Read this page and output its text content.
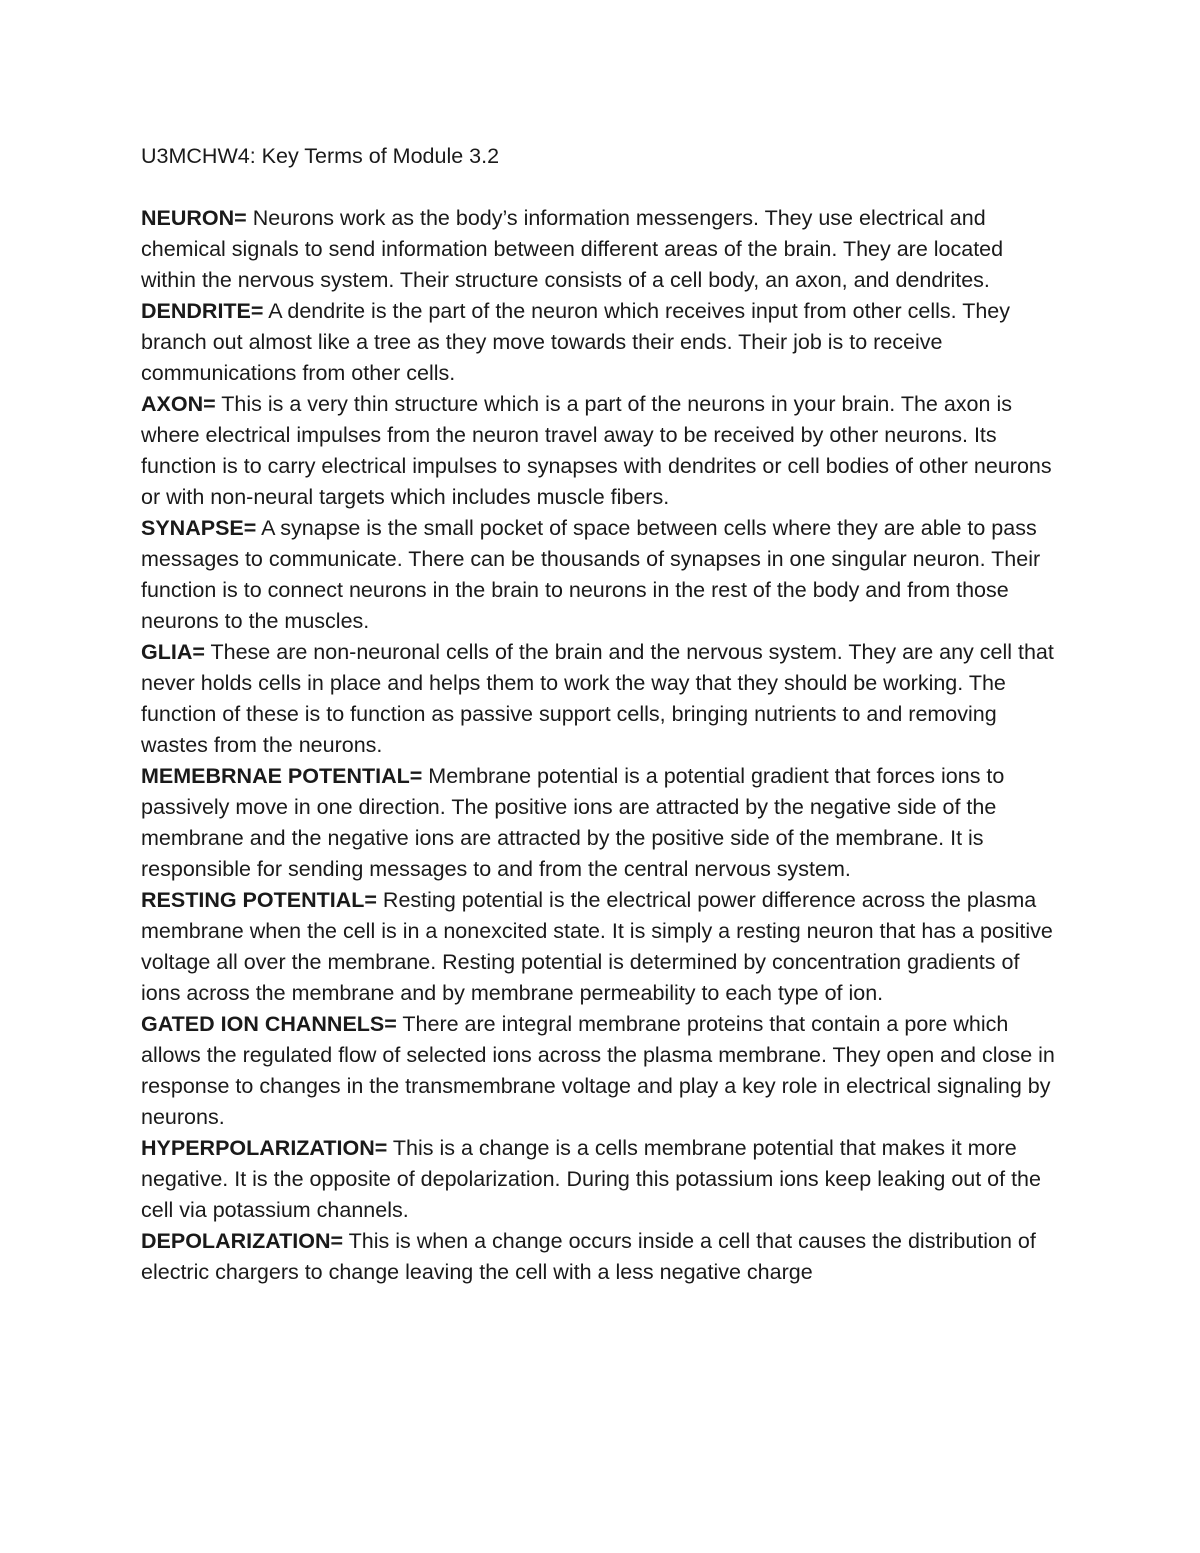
U3MCHW4: Key Terms of Module 3.2

NEURON= Neurons work as the body’s information messengers. They use electrical and chemical signals to send information between different areas of the brain. They are located within the nervous system. Their structure consists of a cell body, an axon, and dendrites.

DENDRITE= A dendrite is the part of the neuron which receives input from other cells. They branch out almost like a tree as they move towards their ends. Their job is to receive communications from other cells.

AXON= This is a very thin structure which is a part of the neurons in your brain. The axon is where electrical impulses from the neuron travel away to be received by other neurons. Its function is to carry electrical impulses to synapses with dendrites or cell bodies of other neurons or with non-neural targets which includes muscle fibers.

SYNAPSE= A synapse is the small pocket of space between cells where they are able to pass messages to communicate. There can be thousands of synapses in one singular neuron. Their function is to connect neurons in the brain to neurons in the rest of the body and from those neurons to the muscles.

GLIA= These are non-neuronal cells of the brain and the nervous system. They are any cell that never holds cells in place and helps them to work the way that they should be working. The function of these is to function as passive support cells, bringing nutrients to and removing wastes from the neurons.

MEMEBRNAE POTENTIAL= Membrane potential is a potential gradient that forces ions to passively move in one direction. The positive ions are attracted by the negative side of the membrane and the negative ions are attracted by the positive side of the membrane. It is responsible for sending messages to and from the central nervous system.

RESTING POTENTIAL= Resting potential is the electrical power difference across the plasma membrane when the cell is in a nonexcited state. It is simply a resting neuron that has a positive voltage all over the membrane. Resting potential is determined by concentration gradients of ions across the membrane and by membrane permeability to each type of ion.

GATED ION CHANNELS= There are integral membrane proteins that contain a pore which allows the regulated flow of selected ions across the plasma membrane. They open and close in response to changes in the transmembrane voltage and play a key role in electrical signaling by neurons.

HYPERPOLARIZATION= This is a change is a cells membrane potential that makes it more negative. It is the opposite of depolarization. During this potassium ions keep leaking out of the cell via potassium channels.

DEPOLARIZATION= This is when a change occurs inside a cell that causes the distribution of electric chargers to change leaving the cell with a less negative charge
